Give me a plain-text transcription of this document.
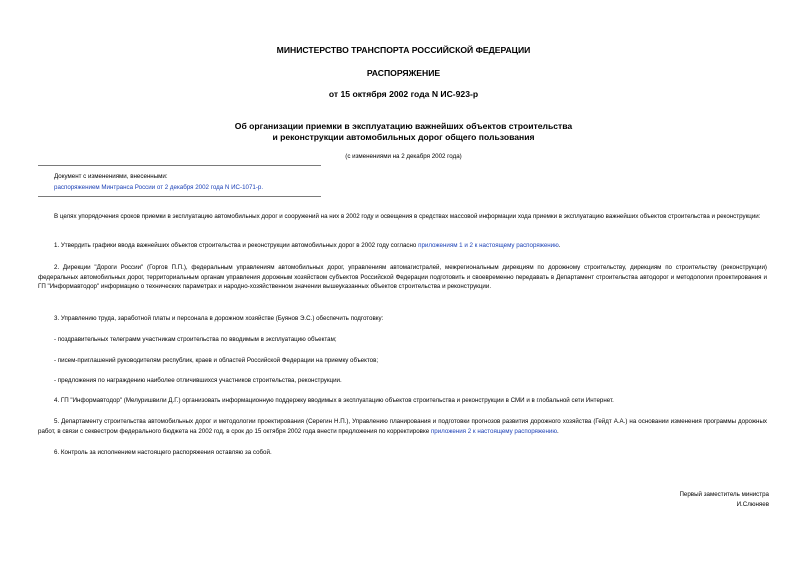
МИНИСТЕРСТВО ТРАНСПОРТА РОССИЙСКОЙ ФЕДЕРАЦИИ
РАСПОРЯЖЕНИЕ
от 15 октября 2002 года N ИС-923-р
Об организации приемки в эксплуатацию важнейших объектов строительства
и реконструкции автомобильных дорог общего пользования
(с изменениями на 2 декабря 2002 года)
Документ с изменениями, внесенными:
распоряжением Минтранса России от 2 декабря 2002 года N ИС-1071-р.
В целях упорядочения сроков приемки в эксплуатацию автомобильных дорог и сооружений на них в 2002 году и освещения в средствах массовой информации хода приемки в эксплуатацию важнейших объектов строительства и реконструкции:
1. Утвердить графики ввода важнейших объектов строительства и реконструкции автомобильных дорог в 2002 году согласно приложениям 1 и 2 к настоящему распоряжению.
2. Дирекции "Дороги России" (Горгов П.П.), федеральным управлениям автомобильных дорог, управлениям автомагистралей, межрегиональным дирекциям по дорожному строительству, дирекциям по строительству (реконструкции) федеральных автомобильных дорог, территориальным органам управления дорожным хозяйством субъектов Российской Федерации подготовить и своевременно передавать в Департамент строительства автодорог и методологии проектирования и ГП "Информавтодор" информацию о технических параметрах и народно-хозяйственном значении вышеуказанных объектов строительства и реконструкции.
3. Управлению труда, заработной платы и персонала в дорожном хозяйстве (Буянов Э.С.) обеспечить подготовку:
- поздравительных телеграмм участникам строительства по вводимым в эксплуатацию объектам;
- писем-приглашений руководителям республик, краев и областей Российской Федерации на приемку объектов;
- предложения по награждению наиболее отличившихся участников строительства, реконструкции.
4. ГП "Информавтодор" (Мелуришвили Д.Г.) организовать информационную поддержку вводимых в эксплуатацию объектов строительства и реконструкции в СМИ и в глобальной сети Интернет.
5. Департаменту строительства автомобильных дорог и методологии проектирования (Серегин Н.П.), Управлению планирования и подготовки прогнозов развития дорожного хозяйства (Гейдт А.А.) на основании изменения программы дорожных работ, в связи с секвестром федерального бюджета на 2002 год, в срок до 15 октября 2002 года внести предложения по корректировке приложения 2 к настоящему распоряжению.
6. Контроль за исполнением настоящего распоряжения оставляю за собой.
Первый заместитель министра
И.Слюняев
